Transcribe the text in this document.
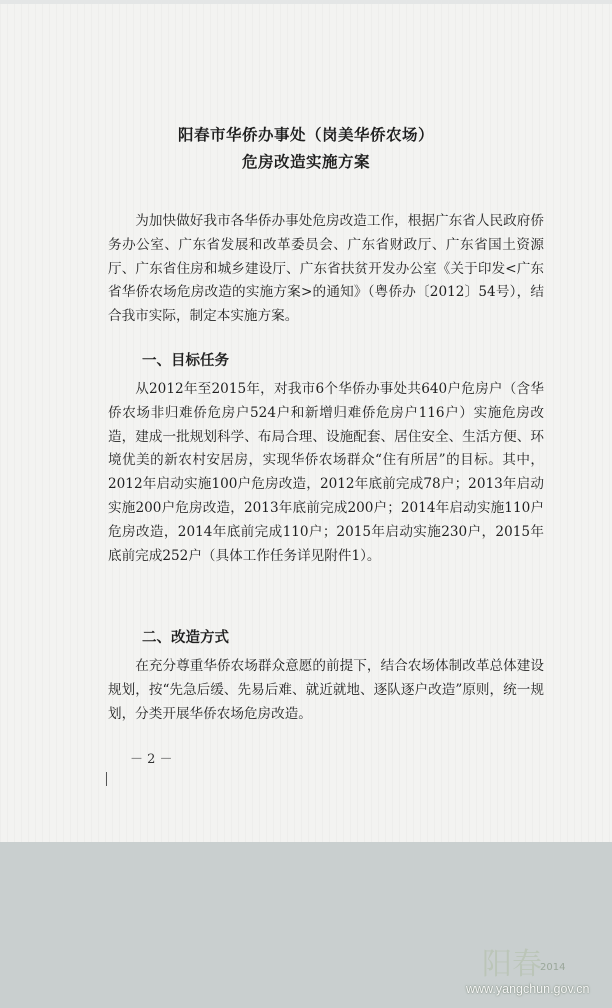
阳春市华侨办事处（岗美华侨农场）
危房改造实施方案
为加快做好我市各华侨办事处危房改造工作，根据广东省人民政府侨务办公室、广东省发展和改革委员会、广东省财政厅、广东省国土资源厅、广东省住房和城乡建设厅、广东省扶贫开发办公室《关于印发<广东省华侨农场危房改造的实施方案>的通知》（粤侨办〔2012〕54号），结合我市实际，制定本实施方案。
一、目标任务
从2012年至2015年，对我市6个华侨办事处共640户危房户（含华侨农场非归难侨危房户524户和新增归难侨危房户116户）实施危房改造，建成一批规划科学、布局合理、设施配套、居住安全、生活方便、环境优美的新农村安居房，实现华侨农场群众“住有所居”的目标。其中，2012年启动实施100户危房改造，2012年底前完成78户；2013年启动实施200户危房改造，2013年底前完成200户；2014年启动实施110户危房改造，2014年底前完成110户；2015年启动实施230户，2015年底前完成252户（具体工作任务详见附件1）。
二、改造方式
在充分尊重华侨农场群众意愿的前提下，结合农场体制改革总体建设规划，按“先急后缓、先易后难、就近就地、逐队逐户改造”原则，统一规划，分类开展华侨农场危房改造。
－ 2 －
阳春
2014
www.yangchun.gov.cn
